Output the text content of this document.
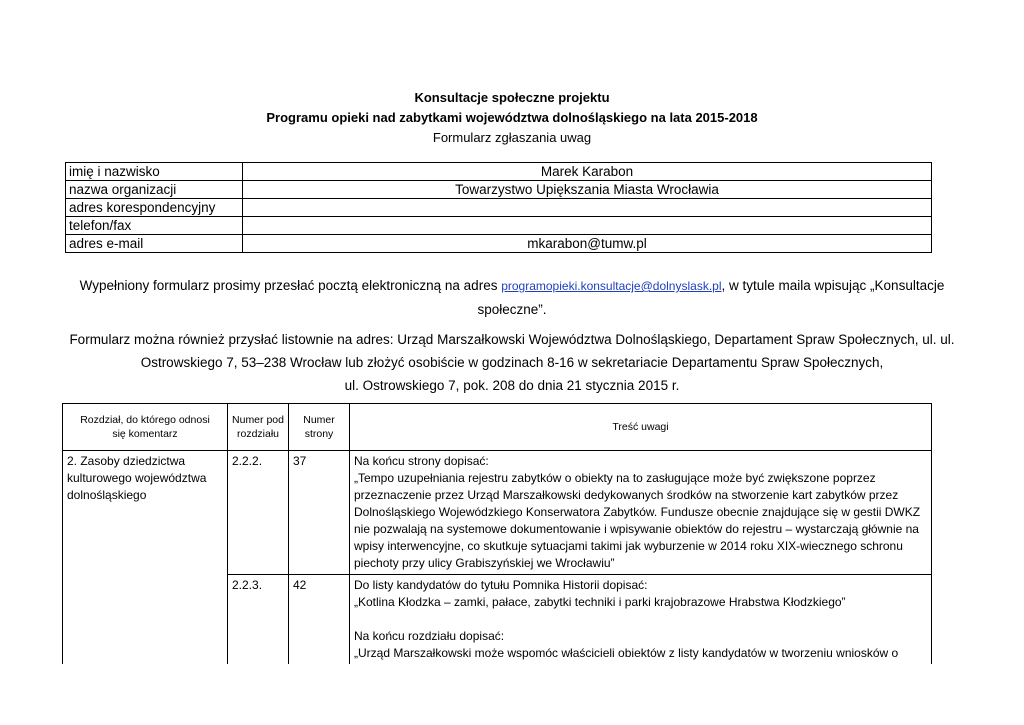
Konsultacje społeczne projektu
Programu opieki nad zabytkami województwa dolnośląskiego na lata 2015-2018
Formularz zgłaszania uwag
imię i nazwisko	Marek Karabon
nazwa organizacji	Towarzystwo Upiększania Miasta Wrocławia
adres korespondencyjny	
telefon/fax	
adres e-mail	mkarabon@tumw.pl
Wypełniony formularz prosimy przesłać pocztą elektroniczną na adres programopieki.konsultacje@dolnyslask.pl, w tytule maila wpisując „Konsultacje społeczne”.
Formularz można również przysłać listownie na adres: Urząd Marszałkowski Województwa Dolnośląskiego, Departament Spraw Społecznych, ul. ul. Ostrowskiego 7, 53–238 Wrocław lub złożyć osobiście w godzinach 8-16 w sekretariacie Departamentu Spraw Społecznych,
ul. Ostrowskiego 7, pok. 208 do dnia 21 stycznia 2015 r.
Rozdział, do którego odnosi się komentarz	Numer podrozdziału	Numer strony	Treść uwagi
2. Zasoby dziedzictwa kulturowego województwa dolnośląskiego	2.2.2.	37	Na końcu strony dopisać:
„Tempo uzupełniania rejestru zabytków o obiekty na to zasługujące może być zwiększone poprzez przeznaczenie przez Urząd Marszałkowski dedykowanych środków na stworzenie kart zabytków przez Dolnośląskiego Wojewódzkiego Konserwatora Zabytków. Fundusze obecnie znajdujące się w gestii DWKZ nie pozwalają na systemowe dokumentowanie i wpisywanie obiektów do rejestru – wystarczają głównie na wpisy interwencyjne, co skutkuje sytuacjami takimi jak wyburzenie w 2014 roku XIX-wiecznego schronu piechoty przy ulicy Grabiszyńskiej we Wrocławiu”

	2.2.3.	42	Do listy kandydatów do tytułu Pomnika Historii dopisać:
„Kotlina Kłodzka – zamki, pałace, zabytki techniki i parki krajobrazowe Hrabstwa Kłodzkiego”
Na końcu rozdziału dopisać:
„Urząd Marszałkowski może wspomóc właścicieli obiektów z listy kandydatów w tworzeniu wniosków o
